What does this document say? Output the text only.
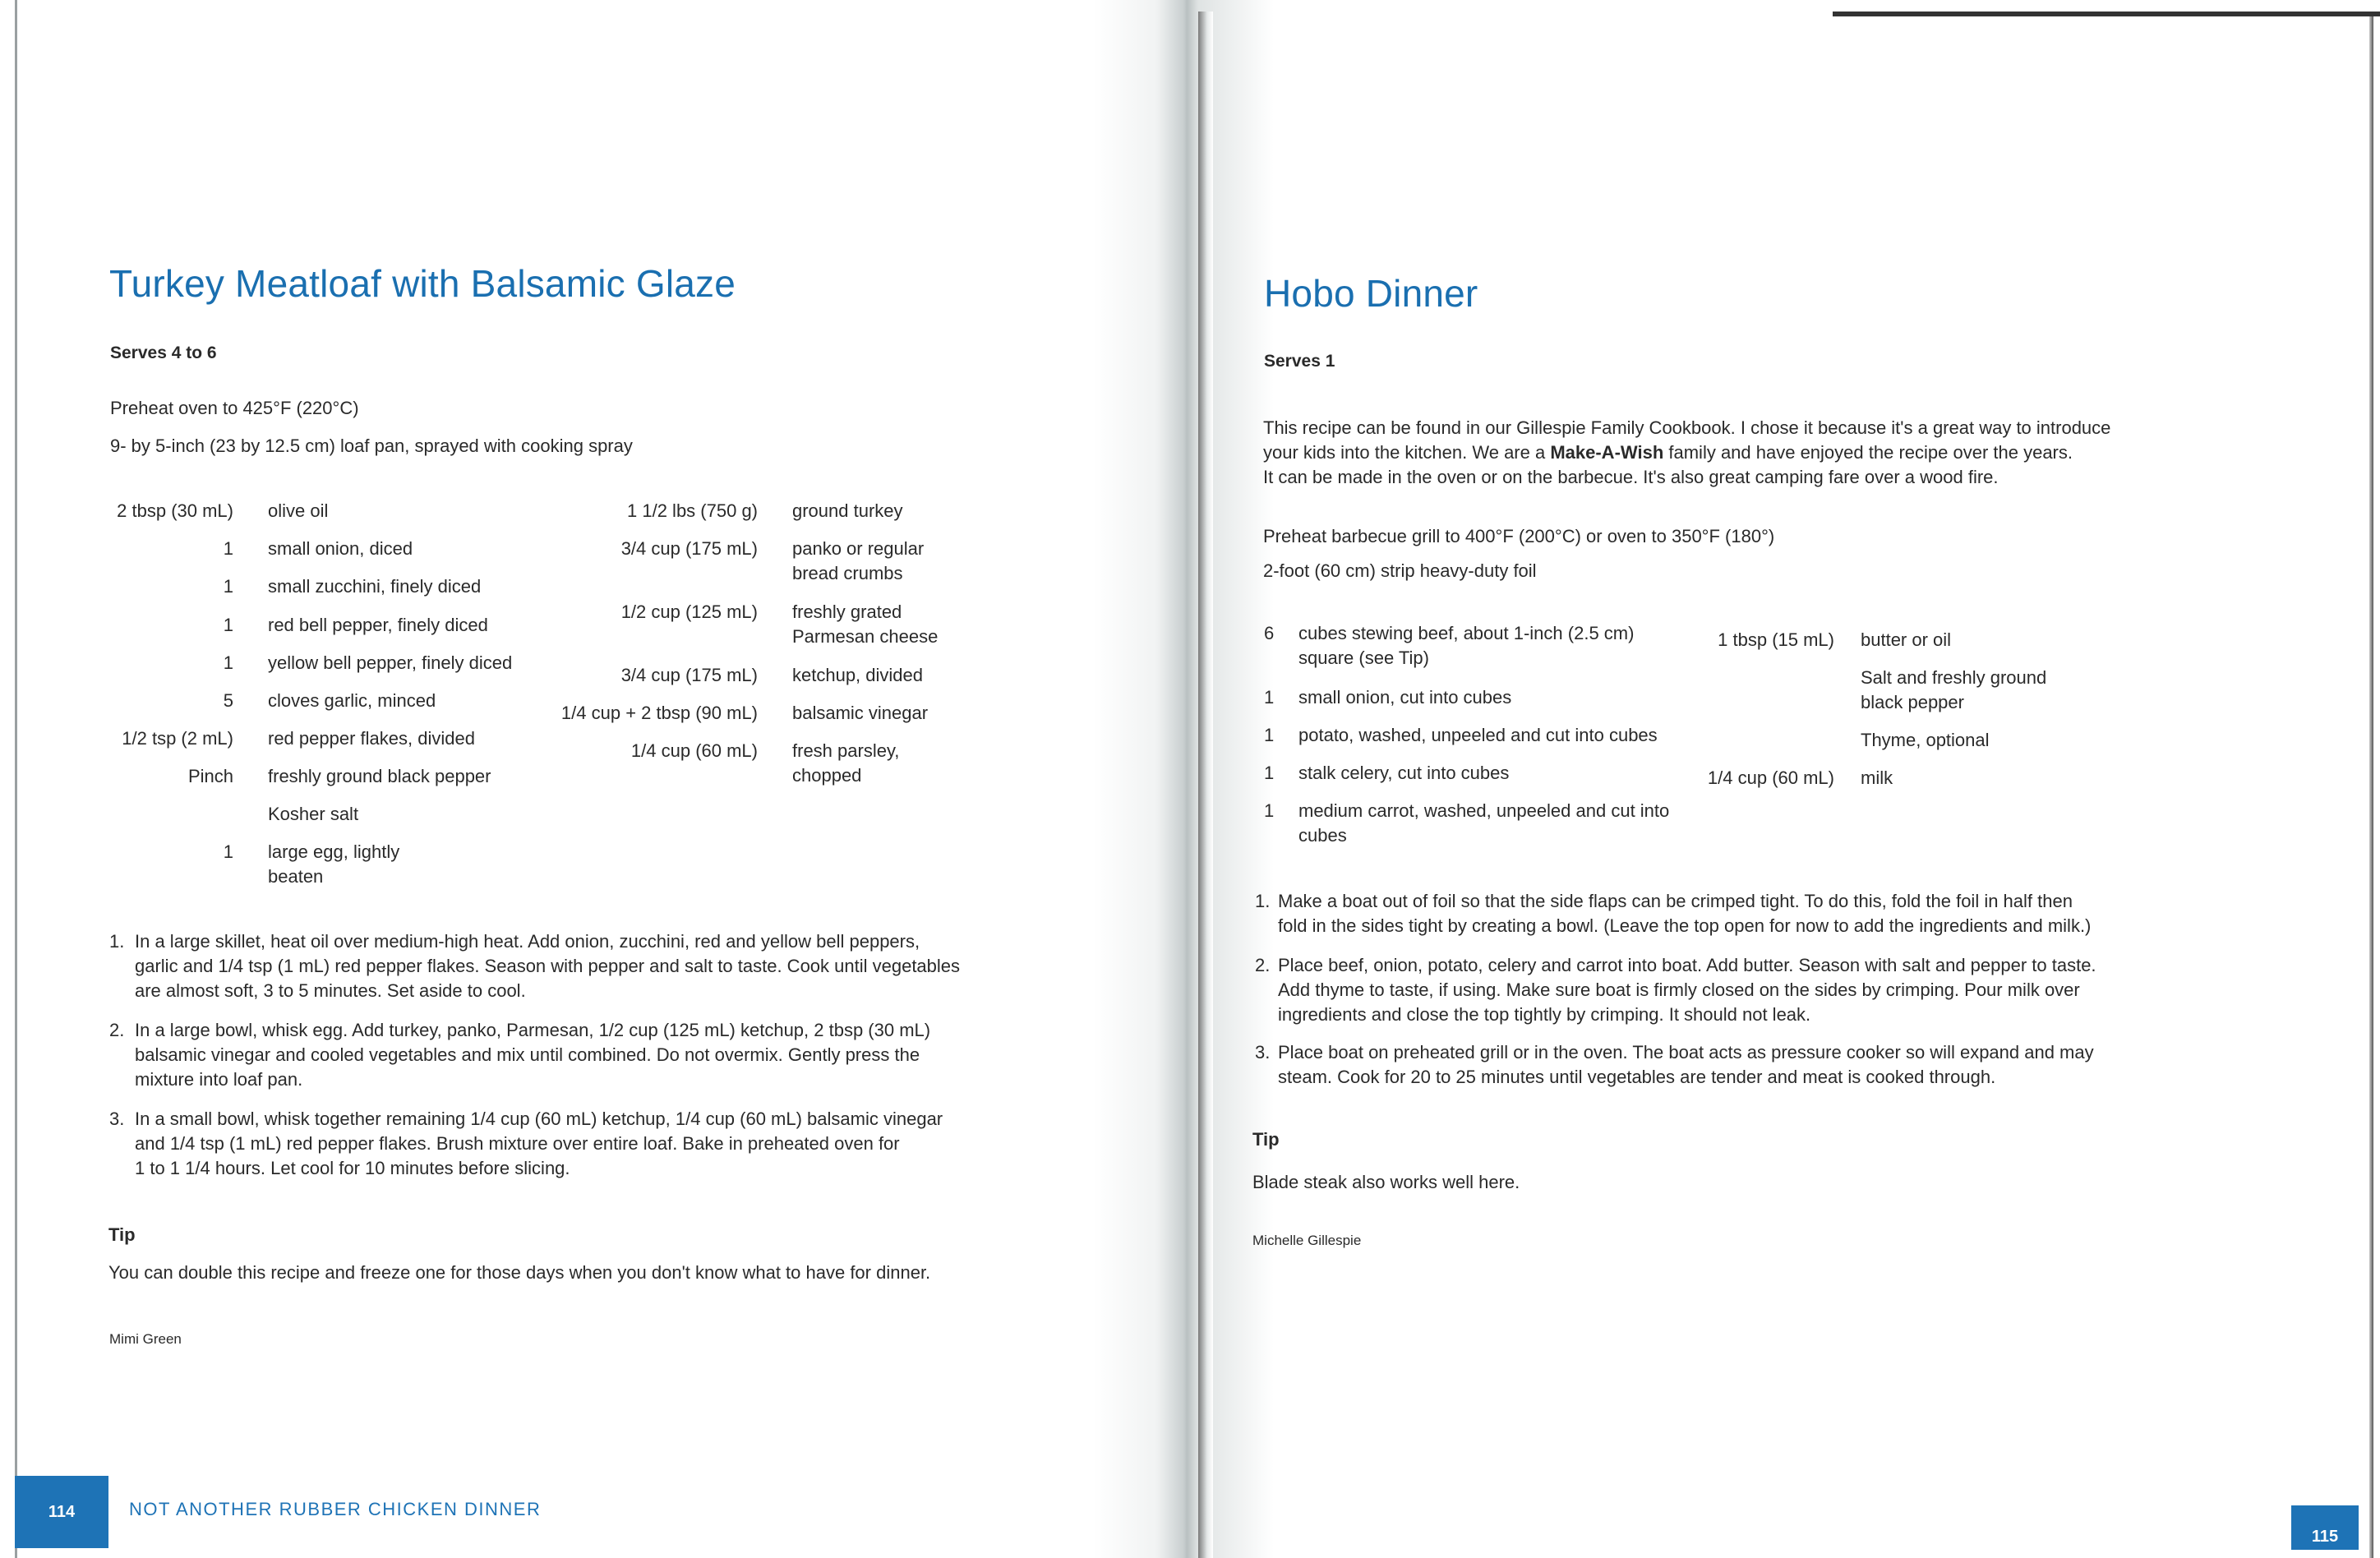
Turkey Meatloaf with Balsamic Glaze
Serves 4 to 6
Preheat oven to 425°F (220°C)
9- by 5-inch (23 by 12.5 cm) loaf pan, sprayed with cooking spray
2 tbsp (30 mL) olive oil
1 small onion, diced
1 small zucchini, finely diced
1 red bell pepper, finely diced
1 yellow bell pepper, finely diced
5 cloves garlic, minced
1/2 tsp (2 mL) red pepper flakes, divided
Pinch freshly ground black pepper
Kosher salt
1 large egg, lightly
beaten
1 1/2 lbs (750 g) ground turkey
3/4 cup (175 mL) panko or regular
bread crumbs
1/2 cup (125 mL) freshly grated
Parmesan cheese
3/4 cup (175 mL) ketchup, divided
1/4 cup + 2 tbsp (90 mL) balsamic vinegar
1/4 cup (60 mL) fresh parsley,
chopped
1. In a large skillet, heat oil over medium-high heat. Add onion, zucchini, red and yellow bell peppers,
garlic and 1/4 tsp (1 mL) red pepper flakes. Season with pepper and salt to taste. Cook until vegetables
are almost soft, 3 to 5 minutes. Set aside to cool.
2. In a large bowl, whisk egg. Add turkey, panko, Parmesan, 1/2 cup (125 mL) ketchup, 2 tbsp (30 mL)
balsamic vinegar and cooled vegetables and mix until combined. Do not overmix. Gently press the
mixture into loaf pan.
3. In a small bowl, whisk together remaining 1/4 cup (60 mL) ketchup, 1/4 cup (60 mL) balsamic vinegar
and 1/4 tsp (1 mL) red pepper flakes. Brush mixture over entire loaf. Bake in preheated oven for
1 to 1 1/4 hours. Let cool for 10 minutes before slicing.
Tip
You can double this recipe and freeze one for those days when you don't know what to have for dinner.
Mimi Green
114	NOT ANOTHER RUBBER CHICKEN DINNER
Hobo Dinner
Serves 1
This recipe can be found in our Gillespie Family Cookbook. I chose it because it's a great way to introduce
your kids into the kitchen. We are a Make-A-Wish family and have enjoyed the recipe over the years.
It can be made in the oven or on the barbecue. It's also great camping fare over a wood fire.
Preheat barbecue grill to 400°F (200°C) or oven to 350°F (180°)
2-foot (60 cm) strip heavy-duty foil
6 cubes stewing beef, about 1-inch (2.5 cm)
square (see Tip)
1 small onion, cut into cubes
1 potato, washed, unpeeled and cut into cubes
1 stalk celery, cut into cubes
1 medium carrot, washed, unpeeled and cut into
cubes
1 tbsp (15 mL) butter or oil
Salt and freshly ground
black pepper
Thyme, optional
1/4 cup (60 mL) milk
1. Make a boat out of foil so that the side flaps can be crimped tight. To do this, fold the foil in half then
fold in the sides tight by creating a bowl. (Leave the top open for now to add the ingredients and milk.)
2. Place beef, onion, potato, celery and carrot into boat. Add butter. Season with salt and pepper to taste.
Add thyme to taste, if using. Make sure boat is firmly closed on the sides by crimping. Pour milk over
ingredients and close the top tightly by crimping. It should not leak.
3. Place boat on preheated grill or in the oven. The boat acts as pressure cooker so will expand and may
steam. Cook for 20 to 25 minutes until vegetables are tender and meat is cooked through.
Tip
Blade steak also works well here.
Michelle Gillespie
115
